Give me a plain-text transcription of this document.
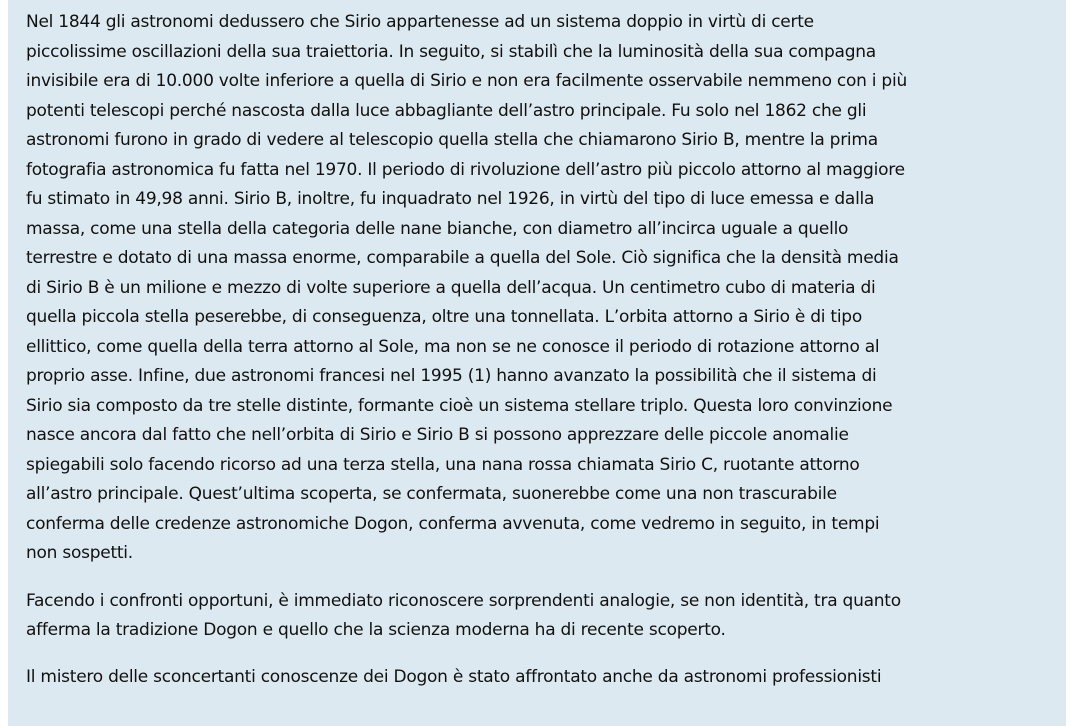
Nel 1844 gli astronomi dedussero che Sirio appartenesse ad un sistema doppio in virtù di certe
piccolissime oscillazioni della sua traiettoria. In seguito, si stabilì che la luminosità della sua compagna
invisibile era di 10.000 volte inferiore a quella di Sirio e non era facilmente osservabile nemmeno con i più
potenti telescopi perché nascosta dalla luce abbagliante dell’astro principale. Fu solo nel 1862 che gli
astronomi furono in grado di vedere al telescopio quella stella che chiamarono Sirio B, mentre la prima
fotografia astronomica fu fatta nel 1970. Il periodo di rivoluzione dell’astro più piccolo attorno al maggiore
fu stimato in 49,98 anni. Sirio B, inoltre, fu inquadrato nel 1926, in virtù del tipo di luce emessa e dalla
massa, come una stella della categoria delle nane bianche, con diametro all’incirca uguale a quello
terrestre e dotato di una massa enorme, comparabile a quella del Sole. Ciò significa che la densità media
di Sirio B è un milione e mezzo di volte superiore a quella dell’acqua. Un centimetro cubo di materia di
quella piccola stella peserebbe, di conseguenza, oltre una tonnellata. L’orbita attorno a Sirio è di tipo
ellittico, come quella della terra attorno al Sole, ma non se ne conosce il periodo di rotazione attorno al
proprio asse. Infine, due astronomi francesi nel 1995 (1) hanno avanzato la possibilità che il sistema di
Sirio sia composto da tre stelle distinte, formante cioè un sistema stellare triplo. Questa loro convinzione
nasce ancora dal fatto che nell’orbita di Sirio e Sirio B si possono apprezzare delle piccole anomalie
spiegabili solo facendo ricorso ad una terza stella, una nana rossa chiamata Sirio C, ruotante attorno
all’astro principale. Quest’ultima scoperta, se confermata, suonerebbe come una non trascurabile
conferma delle credenze astronomiche Dogon, conferma avvenuta, come vedremo in seguito, in tempi
non sospetti.

Facendo i confronti opportuni, è immediato riconoscere sorprendenti analogie, se non identità, tra quanto
afferma la tradizione Dogon e quello che la scienza moderna ha di recente scoperto.

Il mistero delle sconcertanti conoscenze dei Dogon è stato affrontato anche da astronomi professionisti
